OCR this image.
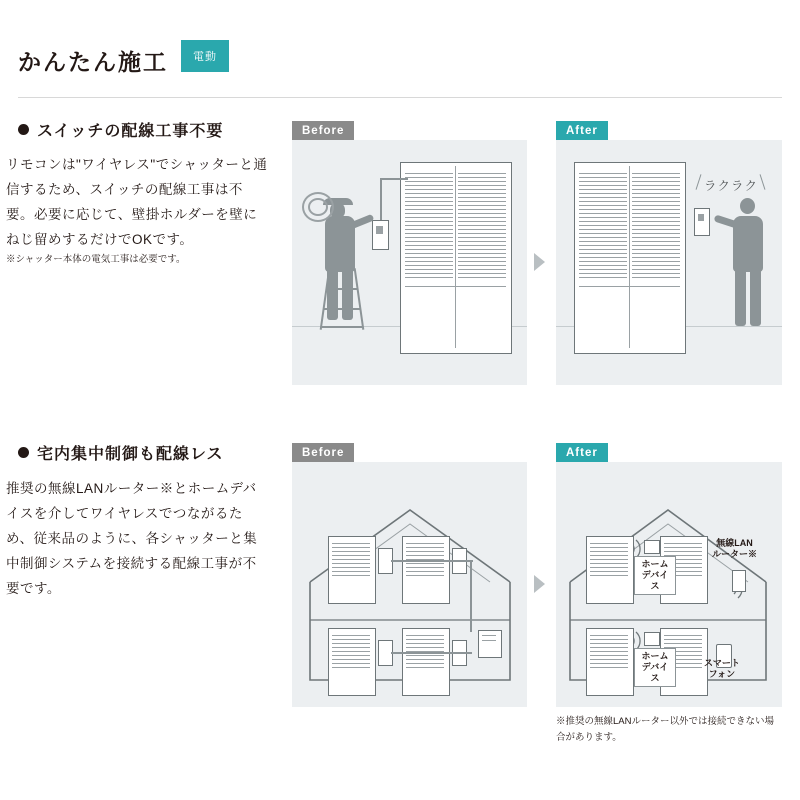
かんたん施工	電動
スイッチの配線工事不要
リモコンは"ワイヤレス"でシャッターと通信するため、スイッチの配線工事は不要。必要に応じて、壁掛ホルダーを壁にねじ留めするだけでOKです。
※シャッター本体の電気工事は必要です。
Before
ラクラク
After
宅内集中制御も配線レス
推奨の無線LANルーター※とホームデバイスを介してワイヤレスでつながるため、従来品のように、各シャッターと集中制御システムを接続する配線工事が不要です。
Before
ホーム
デバイス
ホーム
デバイス
無線LAN
ルーター※
スマート
フォン
After
※推奨の無線LANルーター以外では接続できない場合があります。
